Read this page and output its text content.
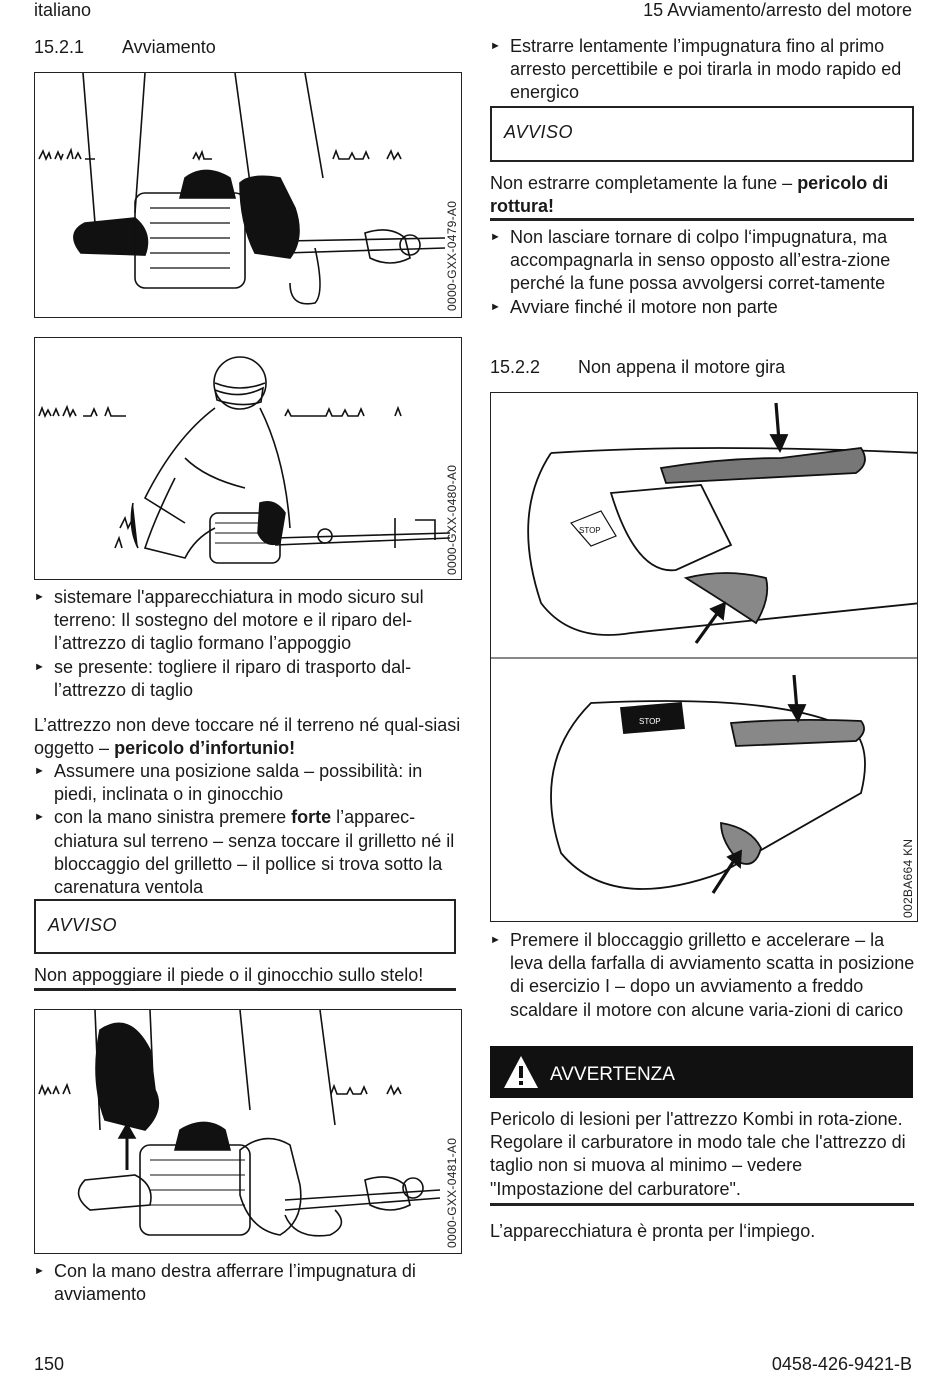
italiano	15 Avviamento/arresto del motore
15.2.1 Avviamento
0000-GXX-0479-A0
0000-GXX-0480-A0
► sistemare l'apparecchiatura in modo sicuro sul terreno: Il sostegno del motore e il riparo del-l’attrezzo di taglio formano l’appoggio
► se presente: togliere il riparo di trasporto dal-l’attrezzo di taglio

L’attrezzo non deve toccare né il terreno né qual-siasi oggetto – pericolo d’infortunio!

► Assumere una posizione salda – possibilità: in piedi, inclinata o in ginocchio
► con la mano sinistra premere forte l’apparec-chiatura sul terreno – senza toccare il grilletto né il bloccaggio del grilletto – il pollice si trova sotto la carenatura ventola
AVVISO

Non appoggiare il piede o il ginocchio sullo stelo!

0000-GXX-0481-A0
► Con la mano destra afferrare l’impugnatura di avviamento
► Estrarre lentamente l’impugnatura fino al primo arresto percettibile e poi tirarla in modo rapido ed energico
AVVISO

Non estrarre completamente la fune – pericolo di rottura!

► Non lasciare tornare di colpo l‘impugnatura, ma accompagnarla in senso opposto all’estra-zione perché la fune possa avvolgersi corret-tamente
► Avviare finché il motore non parte
15.2.2 Non appena il motore gira
STOP
STOP
002BA664 KN
► Premere il bloccaggio grilletto e accelerare – la leva della farfalla di avviamento scatta in posizione di esercizio I – dopo un avviamento a freddo scaldare il motore con alcune varia-zioni di carico
AVVERTENZA

Pericolo di lesioni per l'attrezzo Kombi in rota-zione. Regolare il carburatore in modo tale che l'attrezzo di taglio non si muova al minimo – vedere "Impostazione del carburatore".

L’apparecchiatura è pronta per l‘impiego.

150	0458-426-9421-B
